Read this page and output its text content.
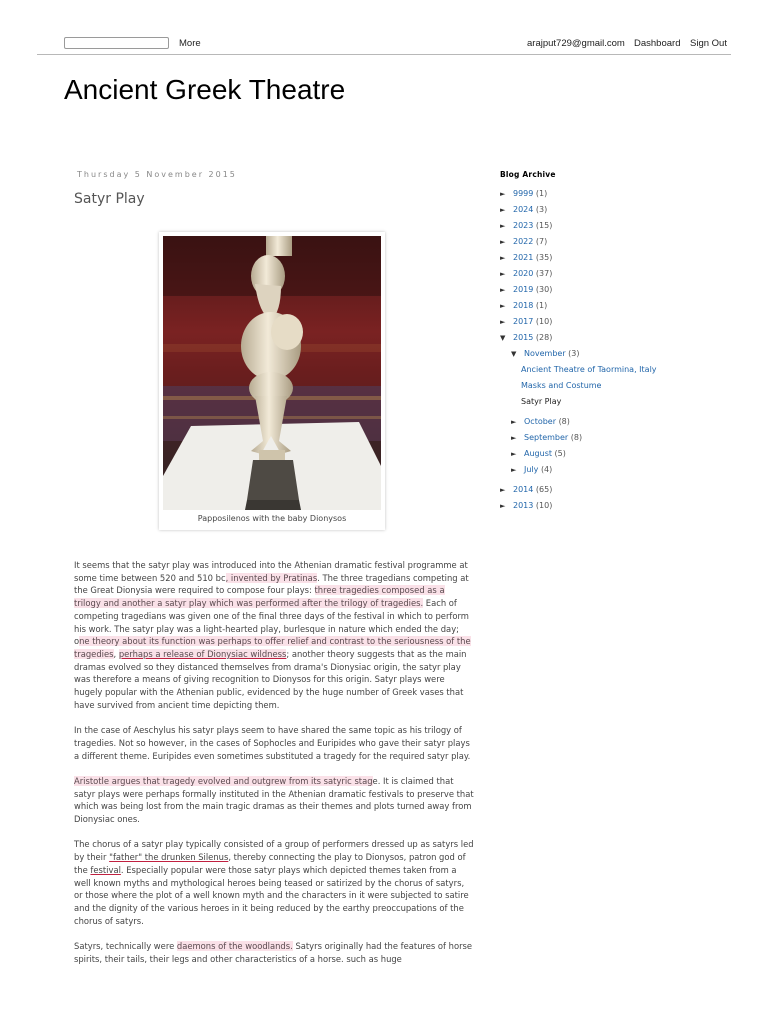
More	arajput729@gmail.com Dashboard Sign Out
Ancient Greek Theatre
Thursday 5 November 2015
Satyr Play
Papposilenos with the baby Dionysos

It seems that the satyr play was introduced into the Athenian dramatic festival programme at some time between 520 and 510 bc, invented by Pratinas. The three tragedians competing at the Great Dionysia were required to compose four plays: three tragedies composed as a trilogy and another a satyr play which was performed after the trilogy of tragedies. Each of competing tragedians was given one of the final three days of the festival in which to perform his work. The satyr play was a light-hearted play, burlesque in nature which ended the day; one theory about its function was perhaps to offer relief and contrast to the seriousness of the tragedies, perhaps a release of Dionysiac wildness; another theory suggests that as the main dramas evolved so they distanced themselves from drama's Dionysiac origin, the satyr play was therefore a means of giving recognition to Dionysos for this origin. Satyr plays were hugely popular with the Athenian public, evidenced by the huge number of Greek vases that have survived from ancient time depicting them.

In the case of Aeschylus his satyr plays seem to have shared the same topic as his trilogy of tragedies. Not so however, in the cases of Sophocles and Euripides who gave their satyr plays a different theme. Euripides even sometimes substituted a tragedy for the required satyr play.

Aristotle argues that tragedy evolved and outgrew from its satyric stage. It is claimed that satyr plays were perhaps formally instituted in the Athenian dramatic festivals to preserve that which was being lost from the main tragic dramas as their themes and plots turned away from Dionysiac ones.

The chorus of a satyr play typically consisted of a group of performers dressed up as satyrs led by their "father" the drunken Silenus, thereby connecting the play to Dionysos, patron god of the festival. Especially popular were those satyr plays which depicted themes taken from a well known myths and mythological heroes being teased or satirized by the chorus of satyrs, or those where the plot of a well known myth and the characters in it were subjected to satire and the dignity of the various heroes in it being reduced by the earthy preoccupations of the chorus of satyrs.

Satyrs, technically were daemons of the woodlands. Satyrs originally had the features of horse spirits, their tails, their legs and other characteristics of a horse. such as huge

Blog Archive
► 9999 (1)
► 2024 (3)
► 2023 (15)
► 2022 (7)
► 2021 (35)
► 2020 (37)
► 2019 (30)
► 2018 (1)
► 2017 (10)
▼ 2015 (28)
▼ November (3)
Ancient Theatre of Taormina, Italy
Masks and Costume
Satyr Play
► October (8)
► September (8)
► August (5)
► July (4)
► 2014 (65)
► 2013 (10)
